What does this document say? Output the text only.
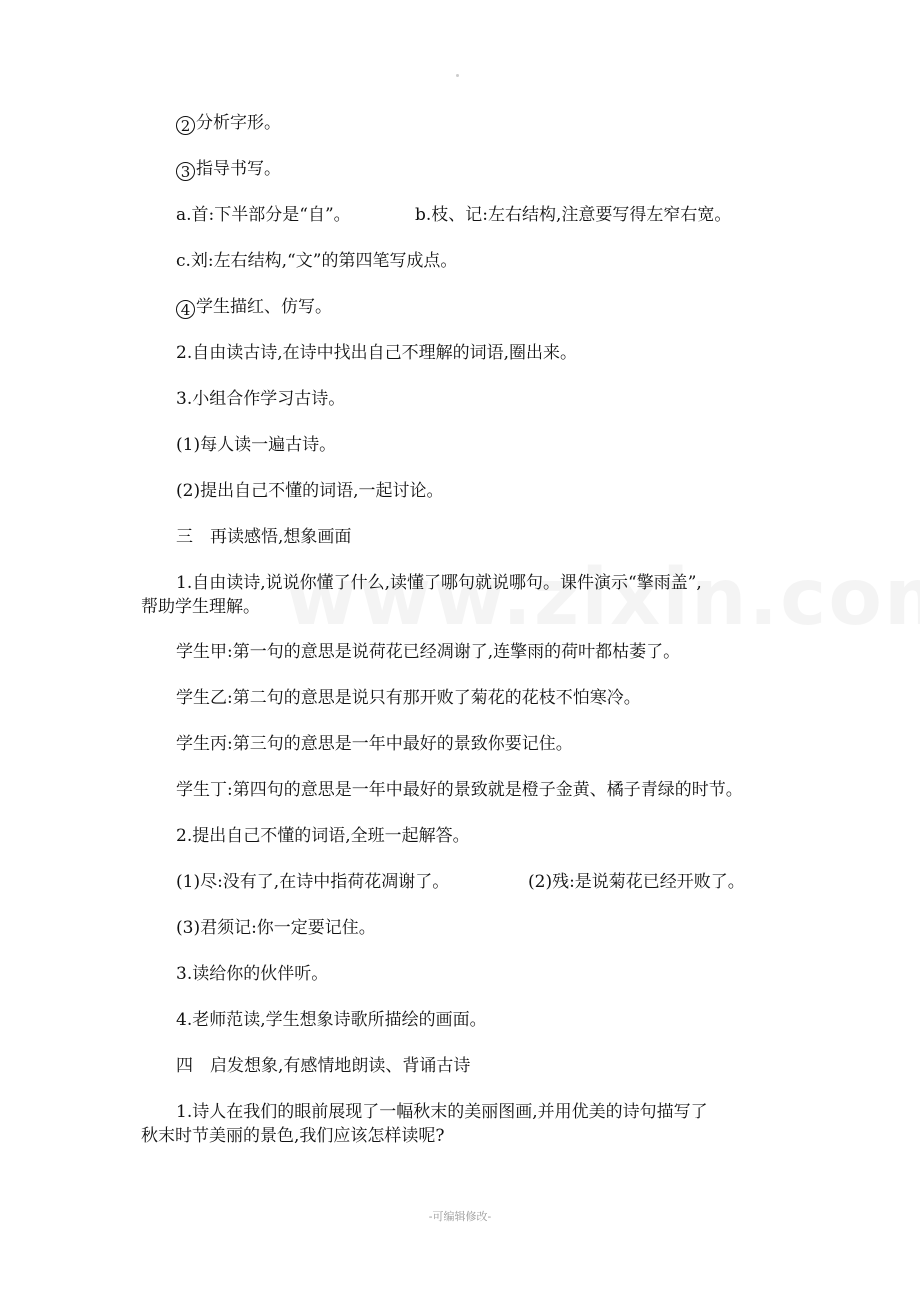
2 分析字形。
3 指导书写。
a.首:下半部分是“自”。	b.枝、记:左右结构,注意要写得左窄右宽。
c.刘:左右结构,“文”的第四笔写成点。
4 学生描红、仿写。
2.自由读古诗,在诗中找出自己不理解的词语,圈出来。
3.小组合作学习古诗。
(1)每人读一遍古诗。
(2)提出自己不懂的词语,一起讨论。
三　再读感悟,想象画面
1.自由读诗,说说你懂了什么,读懂了哪句就说哪句。课件演示“擎雨盖”,
帮助学生理解。
学生甲:第一句的意思是说荷花已经凋谢了,连擎雨的荷叶都枯萎了。
学生乙:第二句的意思是说只有那开败了菊花的花枝不怕寒冷。
学生丙:第三句的意思是一年中最好的景致你要记住。
学生丁:第四句的意思是一年中最好的景致就是橙子金黄、橘子青绿的时节。
2.提出自己不懂的词语,全班一起解答。
(1)尽:没有了,在诗中指荷花凋谢了。	(2)残:是说菊花已经开败了。
(3)君须记:你一定要记住。
3.读给你的伙伴听。
4.老师范读,学生想象诗歌所描绘的画面。
四　启发想象,有感情地朗读、背诵古诗
1.诗人在我们的眼前展现了一幅秋末的美丽图画,并用优美的诗句描写了
秋末时节美丽的景色,我们应该怎样读呢?
-可编辑修改-
